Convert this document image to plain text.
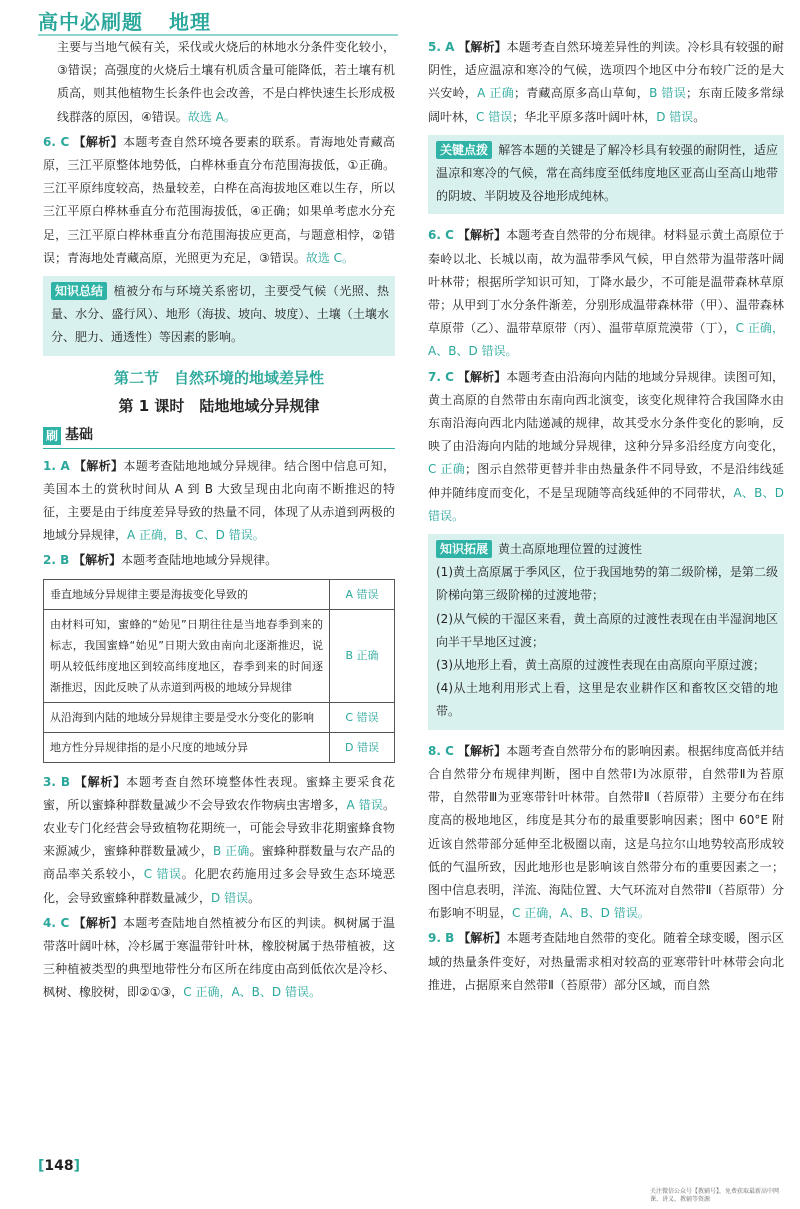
高中必刷题 地理

主要与当地气候有关，采伐或火烧后的林地水分条件变化较小，③错误；高强度的火烧后土壤有机质含量可能降低，若土壤有机质高，则其他植物生长条件也会改善，不是白桦快速生长形成极线群落的原因，④错误。故选 A。

6. C 【解析】本题考查自然环境各要素的联系。青海地处青藏高原，三江平原整体地势低，白桦林垂直分布范围海拔低，①正确。三江平原纬度较高，热量较差，白桦在高海拔地区难以生存，所以三江平原白桦林垂直分布范围海拔低，④正确；如果单考虑水分充足，三江平原白桦林垂直分布范围海拔应更高，与题意相悖，②错误；青海地处青藏高原，光照更为充足，③错误。故选 C。

知识总结 植被分布与环境关系密切，主要受气候（光照、热量、水分、盛行风）、地形（海拔、坡向、坡度）、土壤（土壤水分、肥力、通透性）等因素的影响。
第二节　自然环境的地域差异性
第 1 课时　陆地地域分异规律
刷 基础

1. A 【解析】本题考查陆地地域分异规律。结合图中信息可知，美国本土的赏秋时间从 A 到 B 大致呈现由北向南不断推迟的特征，主要是由于纬度差异导致的热量不同，体现了从赤道到两极的地域分异规律，A 正确，B、C、D 错误。

2. B 【解析】本题考查陆地地域分异规律。

垂直地域分异规律主要是海拔变化导致的	A 错误
由材料可知，蜜蜂的“始见”日期往往是当地春季到来的标志，我国蜜蜂“始见”日期大致由南向北逐渐推迟，说明从较低纬度地区到较高纬度地区，春季到来的时间逐渐推迟，因此反映了从赤道到两极的地域分异规律	B 正确
从沿海到内陆的地域分异规律主要是受水分变化的影响	C 错误
地方性分异规律指的是小尺度的地域分异	D 错误

3. B 【解析】本题考查自然环境整体性表现。蜜蜂主要采食花蜜，所以蜜蜂种群数量减少不会导致农作物病虫害增多，A 错误。农业专门化经营会导致植物花期统一，可能会导致非花期蜜蜂食物来源减少，蜜蜂种群数量减少，B 正确。蜜蜂种群数量与农产品的商品率关系较小，C 错误。化肥农药施用过多会导致生态环境恶化，会导致蜜蜂种群数量减少，D 错误。

4. C 【解析】本题考查陆地自然植被分布区的判读。枫树属于温带落叶阔叶林，冷杉属于寒温带针叶林，橡胶树属于热带植被，这三种植被类型的典型地带性分布区所在纬度由高到低依次是冷杉、枫树、橡胶树，即②①③，C 正确，A、B、D 错误。

5. A 【解析】本题考查自然环境差异性的判读。冷杉具有较强的耐阴性，适应温凉和寒冷的气候，选项四个地区中分布较广泛的是大兴安岭，A 正确；青藏高原多高山草甸，B 错误；东南丘陵多常绿阔叶林，C 错误；华北平原多落叶阔叶林，D 错误。

关键点拨 解答本题的关键是了解冷杉具有较强的耐阴性，适应温凉和寒冷的气候，常在高纬度至低纬度地区亚高山至高山地带的阴坡、半阴坡及谷地形成纯林。

6. C 【解析】本题考查自然带的分布规律。材料显示黄土高原位于秦岭以北、长城以南，故为温带季风气候，甲自然带为温带落叶阔叶林带；根据所学知识可知，丁降水最少，不可能是温带森林草原带；从甲到丁水分条件渐差，分别形成温带森林带（甲）、温带森林草原带（乙）、温带草原带（丙）、温带草原荒漠带（丁），C 正确，A、B、D 错误。

7. C 【解析】本题考查由沿海向内陆的地域分异规律。读图可知，黄土高原的自然带由东南向西北演变，该变化规律符合我国降水由东南沿海向西北内陆递减的规律，故其受水分条件变化的影响，反映了由沿海向内陆的地域分异规律，这种分异多沿经度方向变化，C 正确；图示自然带更替并非由热量条件不同导致，不是沿纬线延伸并随纬度而变化，不是呈现随等高线延伸的不同带状，A、B、D 错误。

知识拓展 黄土高原地理位置的过渡性

(1)黄土高原属于季风区，位于我国地势的第二级阶梯，是第二级阶梯向第三级阶梯的过渡地带；

(2)从气候的干湿区来看，黄土高原的过渡性表现在由半湿润地区向半干旱地区过渡；

(3)从地形上看，黄土高原的过渡性表现在由高原向平原过渡；

(4)从土地利用形式上看，这里是农业耕作区和畜牧区交错的地带。

8. C 【解析】本题考查自然带分布的影响因素。根据纬度高低并结合自然带分布规律判断，图中自然带Ⅰ为冰原带，自然带Ⅱ为苔原带，自然带Ⅲ为亚寒带针叶林带。自然带Ⅱ（苔原带）主要分布在纬度高的极地地区，纬度是其分布的最重要影响因素；图中 60°E 附近该自然带部分延伸至北极圈以南，这是乌拉尔山地势较高形成较低的气温所致，因此地形也是影响该自然带分布的重要因素之一；图中信息表明，洋流、海陆位置、大气环流对自然带Ⅱ（苔原带）分布影响不明显，C 正确，A、B、D 错误。

9. B 【解析】本题考查陆地自然带的变化。随着全球变暖，图示区域的热量条件变好，对热量需求相对较高的亚寒带针叶林带会向北推进，占据原来自然带Ⅱ（苔原带）部分区域，而自然

[148]
关注微信公众号【教辅号】，免费获取最新高中网课、讲义、教辅等资源
